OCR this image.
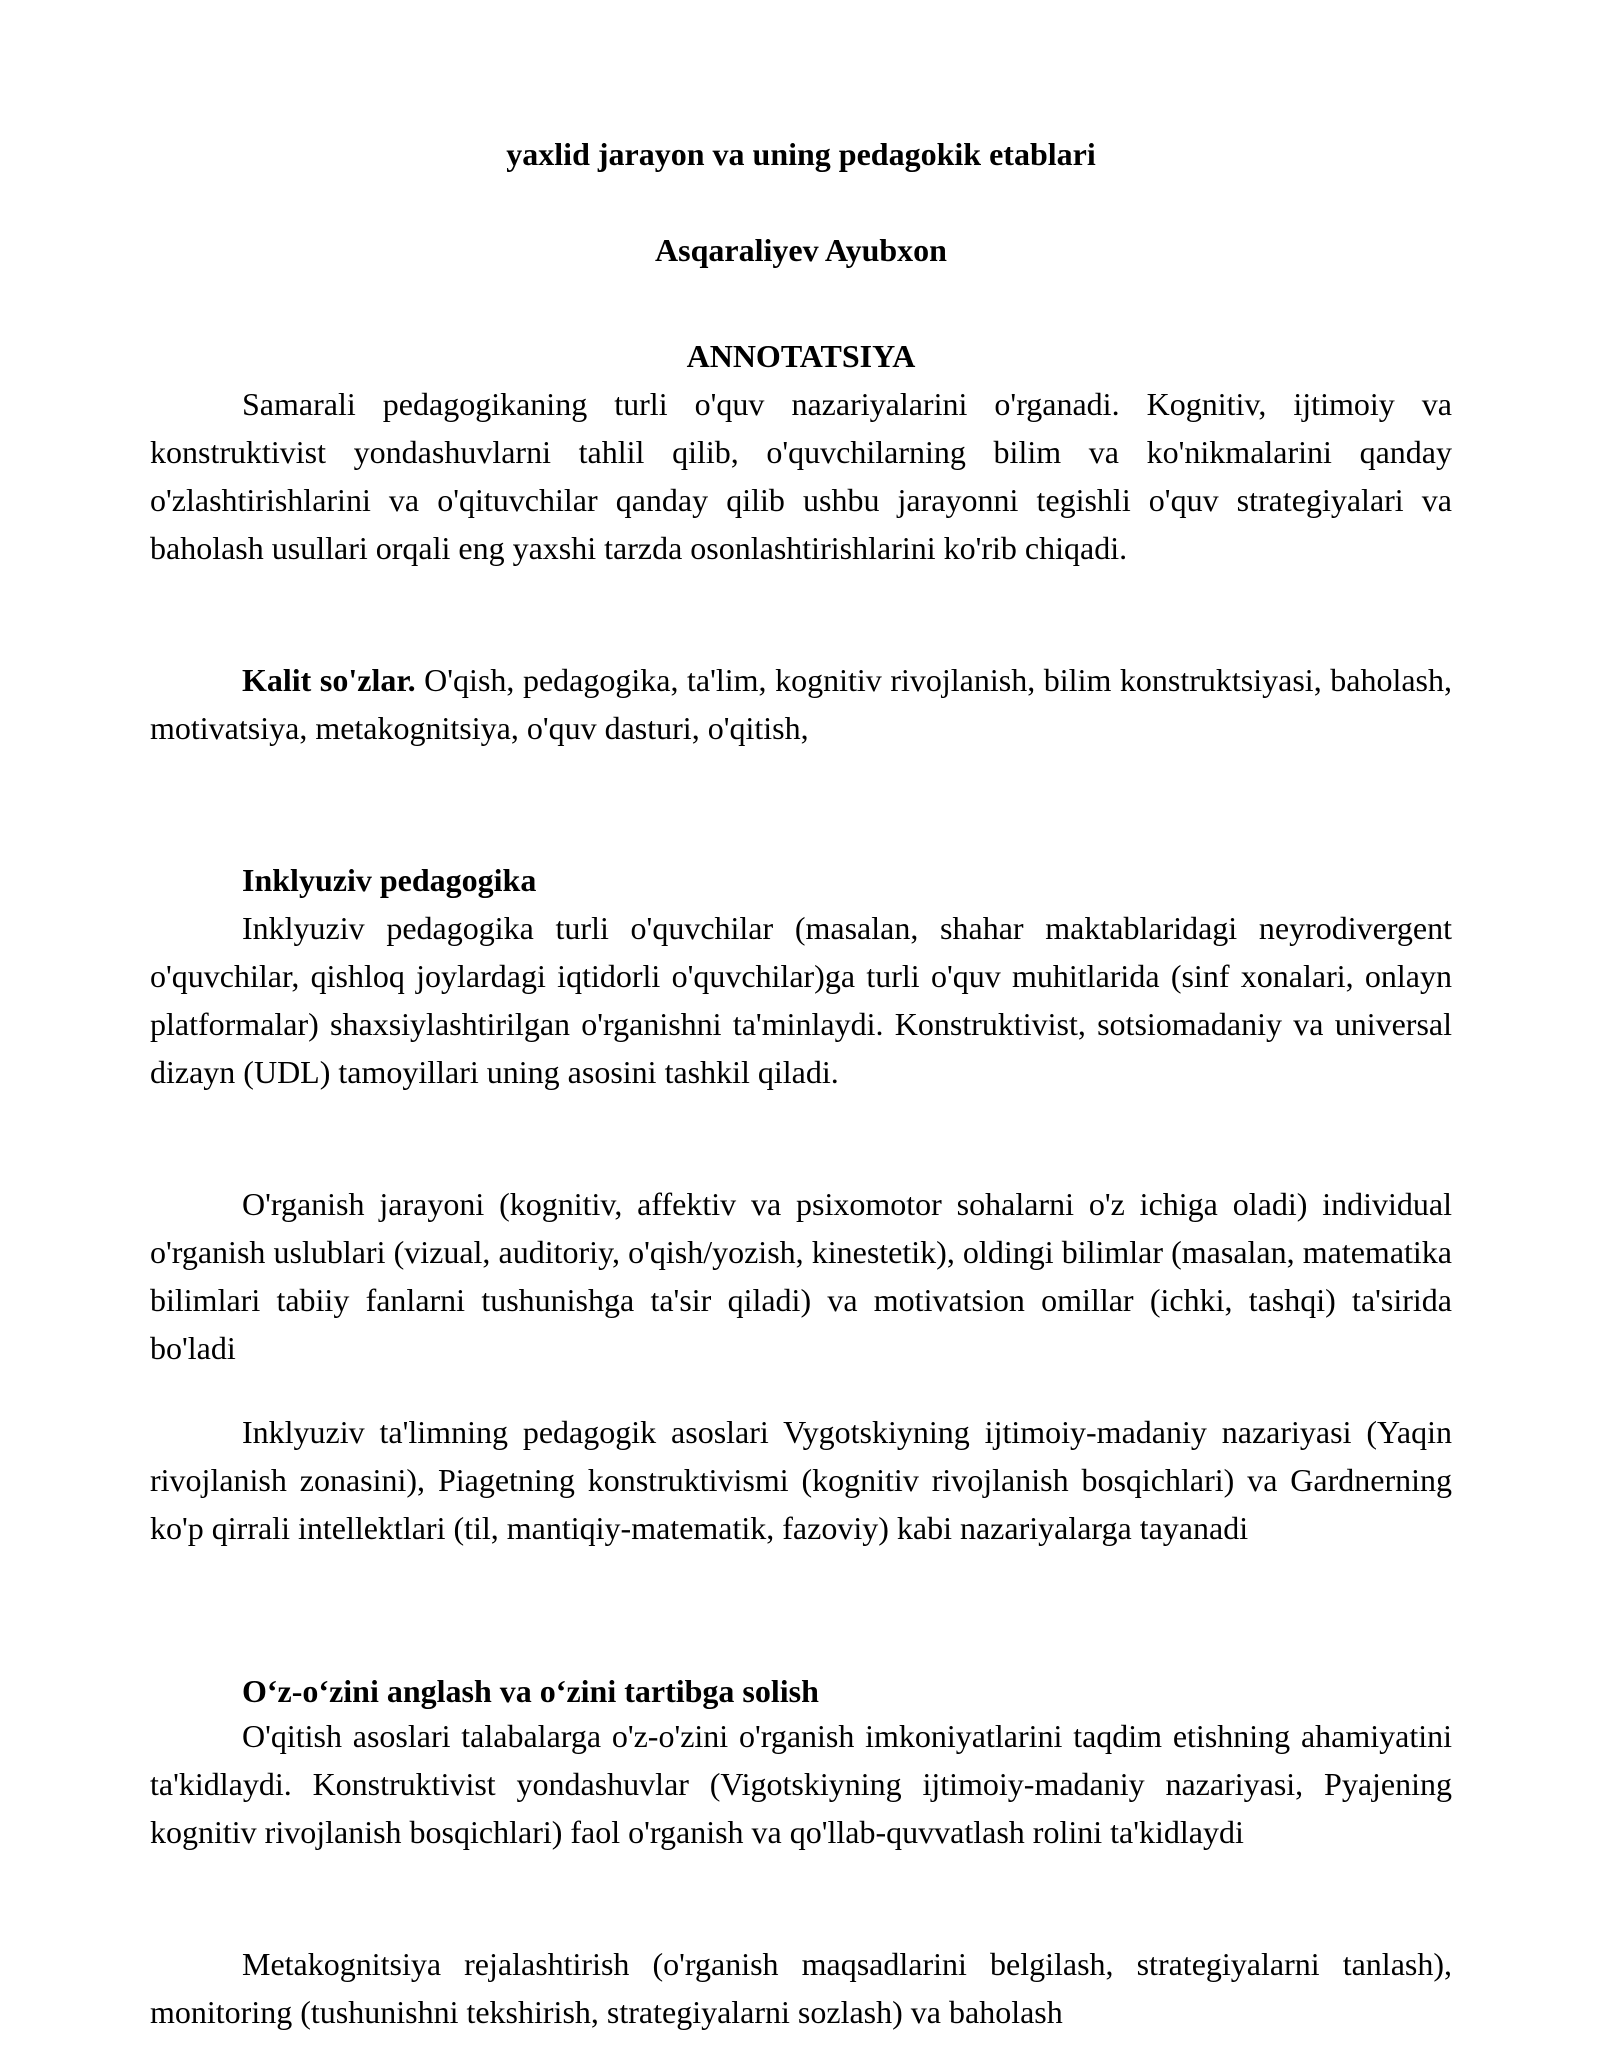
yaxlid jarayon va uning pedagokik etablari

Asqaraliyev Ayubxon

ANNOTATSIYA

Samarali pedagogikaning turli o'quv nazariyalarini o'rganadi. Kognitiv, ijtimoiy va konstruktivist yondashuvlarni tahlil qilib, o'quvchilarning bilim va ko'nikmalarini qanday o'zlashtirishlarini va o'qituvchilar qanday qilib ushbu jarayonni tegishli o'quv strategiyalari va baholash usullari orqali eng yaxshi tarzda osonlashtirishlarini ko'rib chiqadi.

Kalit so'zlar. O'qish, pedagogika, ta'lim, kognitiv rivojlanish, bilim konstruktsiyasi, baholash, motivatsiya, metakognitsiya, o'quv dasturi, o'qitish,

Inklyuziv pedagogika

Inklyuziv pedagogika turli o'quvchilar (masalan, shahar maktablaridagi neyrodivergent o'quvchilar, qishloq joylardagi iqtidorli o'quvchilar)ga turli o'quv muhitlarida (sinf xonalari, onlayn platformalar) shaxsiylashtirilgan o'rganishni ta'minlaydi. Konstruktivist, sotsiomadaniy va universal dizayn (UDL) tamoyillari uning asosini tashkil qiladi.

O'rganish jarayoni (kognitiv, affektiv va psixomotor sohalarni o'z ichiga oladi) individual o'rganish uslublari (vizual, auditoriy, o'qish/yozish, kinestetik), oldingi bilimlar (masalan, matematika bilimlari tabiiy fanlarni tushunishga ta'sir qiladi) va motivatsion omillar (ichki, tashqi) ta'sirida bo'ladi

Inklyuziv ta'limning pedagogik asoslari Vygotskiyning ijtimoiy-madaniy nazariyasi (Yaqin rivojlanish zonasini), Piagetning konstruktivismi (kognitiv rivojlanish bosqichlari) va Gardnerning ko'p qirrali intellektlari (til, mantiqiy-matematik, fazoviy) kabi nazariyalarga tayanadi

O‘z-o‘zini anglash va o‘zini tartibga solish

O'qitish asoslari talabalarga o'z-o'zini o'rganish imkoniyatlarini taqdim etishning ahamiyatini ta'kidlaydi. Konstruktivist yondashuvlar (Vigotskiyning ijtimoiy-madaniy nazariyasi, Pyajening kognitiv rivojlanish bosqichlari) faol o'rganish va qo'llab-quvvatlash rolini ta'kidlaydi

Metakognitsiya rejalashtirish (o'rganish maqsadlarini belgilash, strategiyalarni tanlash), monitoring (tushunishni tekshirish, strategiyalarni sozlash) va baholash
